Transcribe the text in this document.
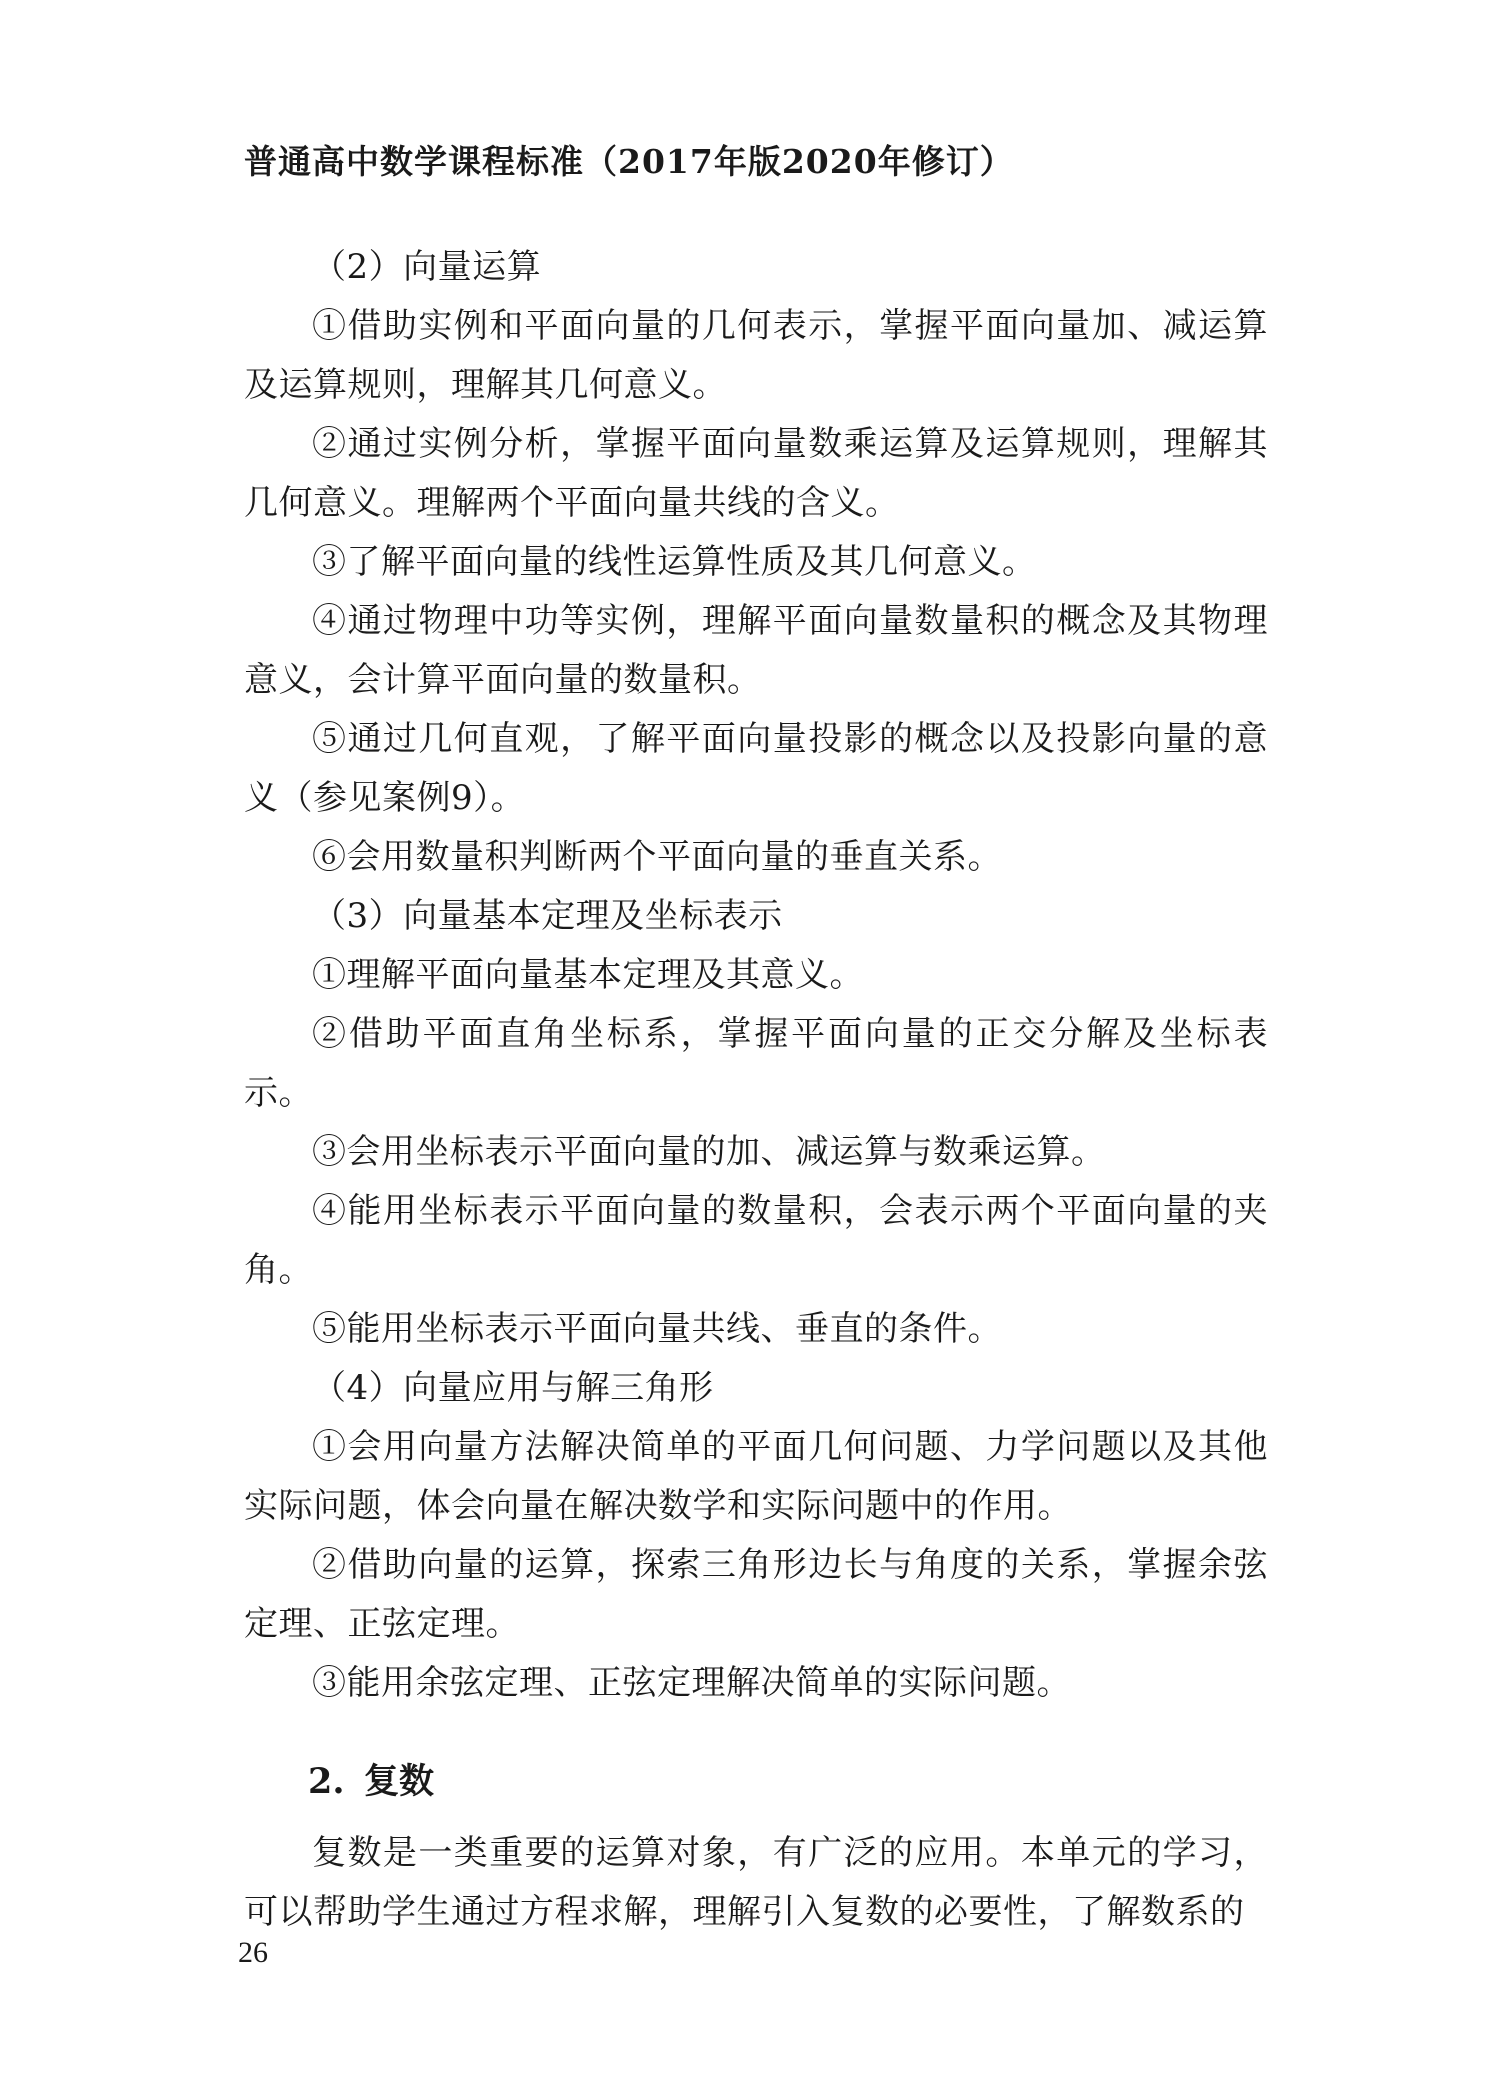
普通高中数学课程标准（2017年版2020年修订）

（2）向量运算

①借助实例和平面向量的几何表示，掌握平面向量加、减运算及运算规则，理解其几何意义。

②通过实例分析，掌握平面向量数乘运算及运算规则，理解其几何意义。理解两个平面向量共线的含义。

③了解平面向量的线性运算性质及其几何意义。

④通过物理中功等实例，理解平面向量数量积的概念及其物理意义，会计算平面向量的数量积。

⑤通过几何直观，了解平面向量投影的概念以及投影向量的意义（参见案例9）。

⑥会用数量积判断两个平面向量的垂直关系。

（3）向量基本定理及坐标表示

①理解平面向量基本定理及其意义。

②借助平面直角坐标系，掌握平面向量的正交分解及坐标表示。

③会用坐标表示平面向量的加、减运算与数乘运算。

④能用坐标表示平面向量的数量积，会表示两个平面向量的夹角。

⑤能用坐标表示平面向量共线、垂直的条件。

（4）向量应用与解三角形

①会用向量方法解决简单的平面几何问题、力学问题以及其他实际问题，体会向量在解决数学和实际问题中的作用。

②借助向量的运算，探索三角形边长与角度的关系，掌握余弦定理、正弦定理。

③能用余弦定理、正弦定理解决简单的实际问题。

2. 复数

复数是一类重要的运算对象，有广泛的应用。本单元的学习，可以帮助学生通过方程求解，理解引入复数的必要性，了解数系的

26
